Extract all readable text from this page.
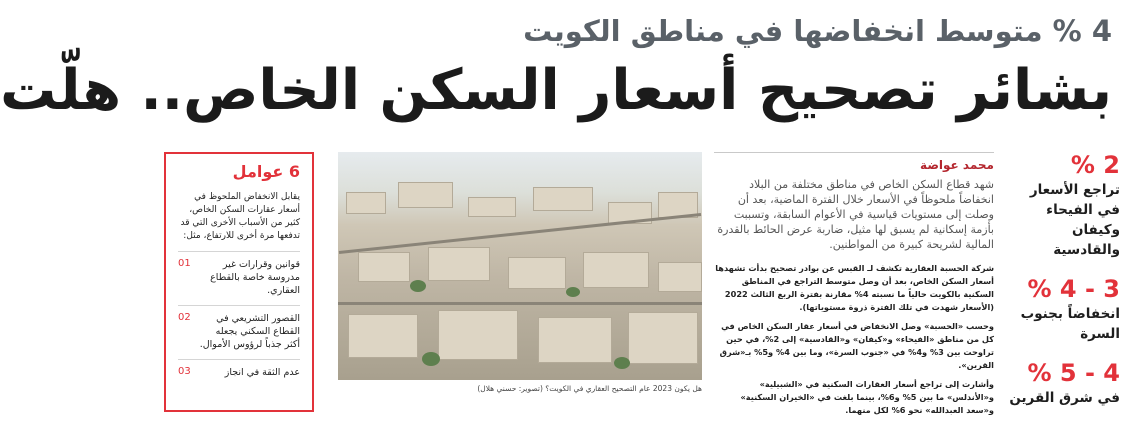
4 % متوسط انخفاضها في مناطق الكويت
بشائر تصحيح أسعار السكن الخاص.. هلّت
2 %
تراجع الأسعار في الفيحاء وكيفان والقادسية
3 - 4 %
انخفاضاً بجنوب السرة
4 - 5 %
في شرق القرين
محمد عواضة
شهد قطاع السكن الخاص في مناطق مختلفة من البلاد انخفاضاً ملحوظاً في الأسعار خلال الفترة الماضية، بعد أن وصلت إلى مستويات قياسية في الأعوام السابقة، وتسببت بأزمة إسكانية لم يسبق لها مثيل، ضاربة عرض الحائط بالقدرة المالية لشريحة كبيرة من المواطنين.

شركة الحسبة العقارية تكشف لـ القبس عن بوادر تصحيح بدأت تشهدها أسعار السكن الخاص، بعد أن وصل متوسط التراجع في المناطق السكنية بالكويت حالياً ما نسبته 4% مقارنة بفترة الربع الثالث 2022 (الأسعار شهدت في تلك الفترة ذروة مستوياتها).

وحسب «الحسبة» وصل الانخفاض في أسعار عقار السكن الخاص في كل من مناطق «الفيحاء» و«كيفان» و«القادسية» إلى 2%، في حين تراوحت بين 3% و4% في «جنوب السرة»، وما بين 4% و5% بـ«شرق القرين».

وأشارت إلى تراجع أسعار العقارات السكنية في «الشبيلية» و«الأندلس» ما بين 5% و6%، بينما بلغت في «الخيران السكنية» و«سعد العبدالله» نحو 6% لكل منهما.

هل يكون 2023 عام التصحيح العقاري في الكويت؟ (تصوير: حسني هلال)
6 عوامل
يقابل الانخفاض الملحوظ في أسعار عقارات السكن الخاص، كثير من الأسباب الأخرى التي قد تدفعها مرة أخرى للارتفاع، مثل:
قوانين وقرارات غير مدروسة خاصة بالقطاع العقاري.
01
القصور التشريعي في القطاع السكني يجعله أكثر جذباً لرؤوس الأموال.
02
عدم الثقة في انجاز
03
